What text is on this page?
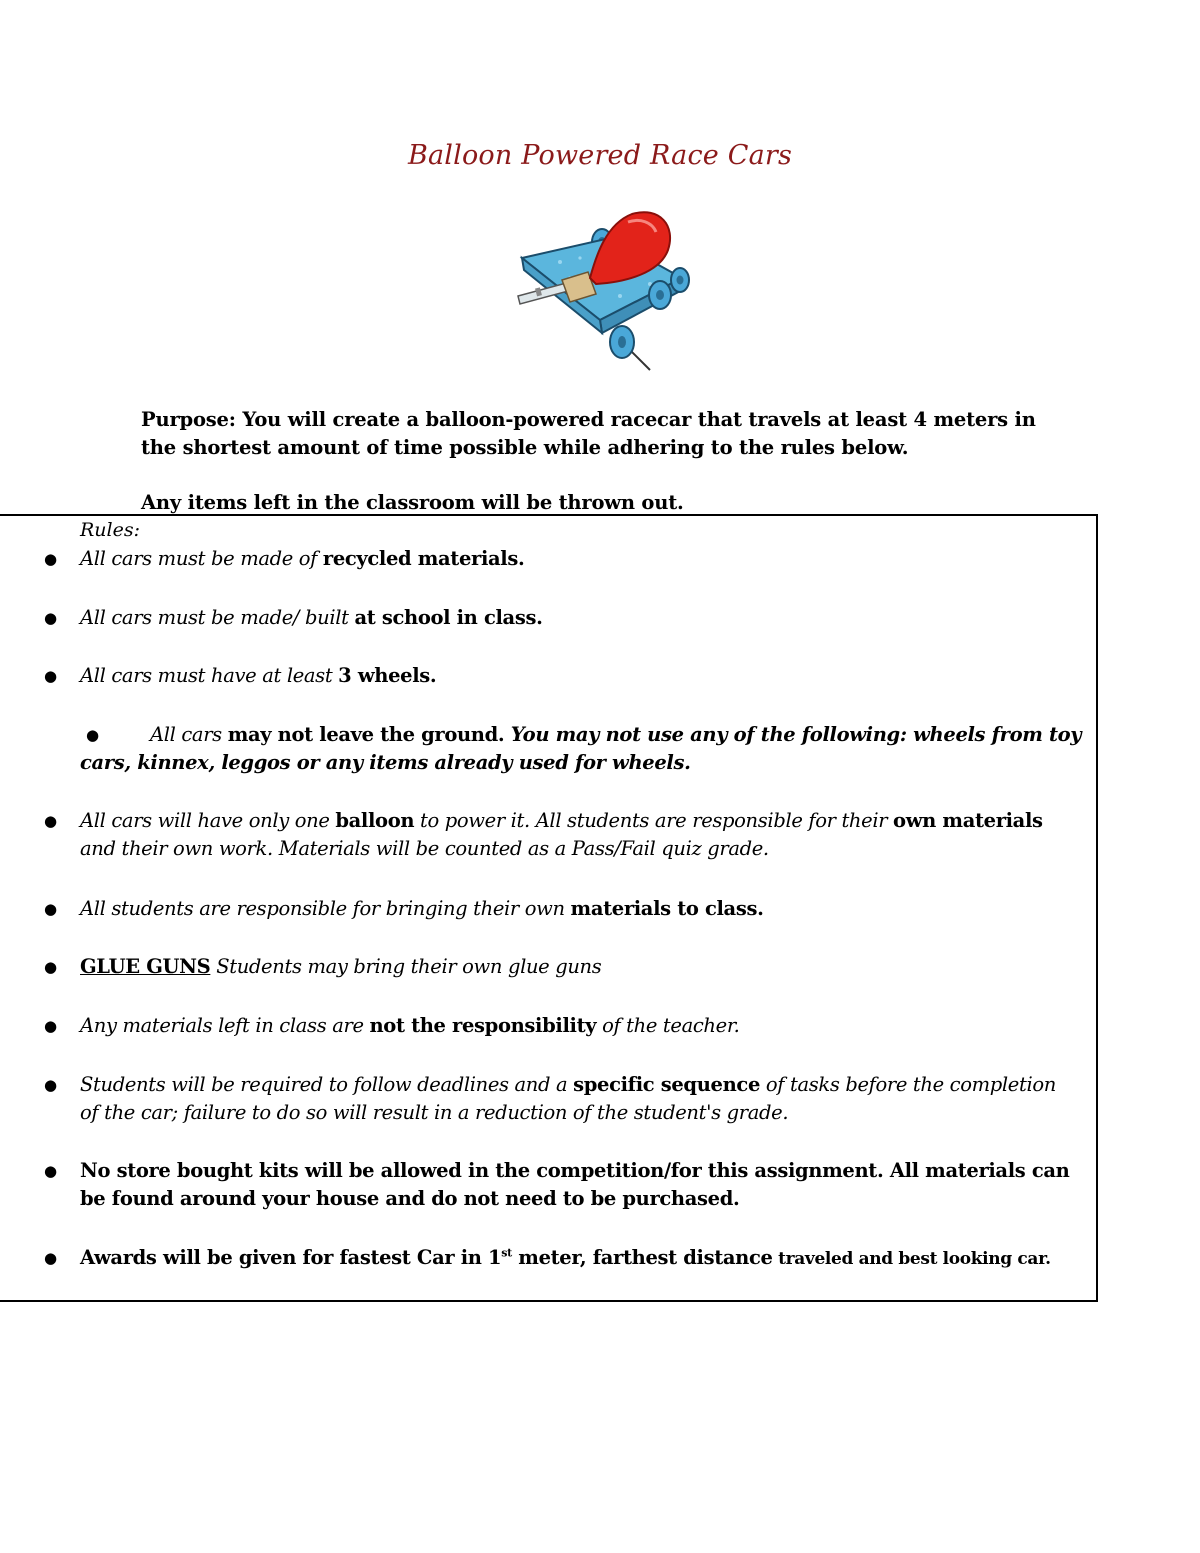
Balloon Powered Race Cars
Purpose: You will create a balloon-powered racecar that travels at least 4 meters in
the shortest amount of time possible while adhering to the rules below.
Any items left in the classroom will be thrown out.
Rules:
● All cars must be made of recycled materials.
● All cars must be made/ built at school in class.
● All cars must have at least 3 wheels.
●	All cars may not leave the ground. You may not use any of the following: wheels from toy
cars, kinnex, leggos or any items already used for wheels.
● All cars will have only one balloon to power it. All students are responsible for their own materials
and their own work. Materials will be counted as a Pass/Fail quiz grade.
● All students are responsible for bringing their own materials to class.
● GLUE GUNS Students may bring their own glue guns
● Any materials left in class are not the responsibility of the teacher.
● Students will be required to follow deadlines and a specific sequence of tasks before the completion
of the car; failure to do so will result in a reduction of the student's grade.
● No store bought kits will be allowed in the competition/for this assignment. All materials can
be found around your house and do not need to be purchased.
● Awards will be given for fastest Car in 1st meter, farthest distance traveled and best looking car.
